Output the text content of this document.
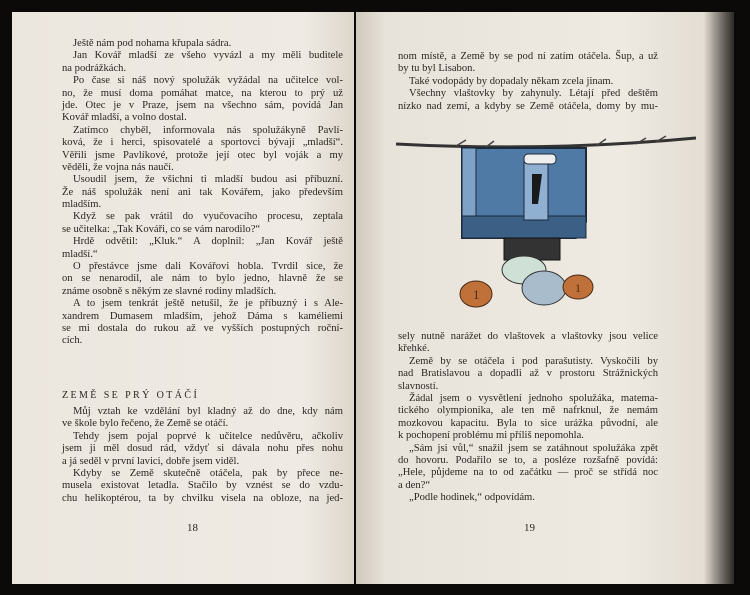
Ještě nám pod nohama křupala sádra.
Jan Kovář mladší ze všeho vyvázl a my měli buditele
na podrážkách.
Po čase si náš nový spolužák vyžádal na učitelce vol-
no, že musí doma pomáhat matce, na kterou to prý už
jde. Otec je v Praze, jsem na všechno sám, povídá Jan
Kovář mladší, a volno dostal.
Zatímco chyběl, informovala nás spolužákyně Pavlí-
ková, že i herci, spisovatelé a sportovci bývají „mladší“.
Věřili jsme Pavlíkové, protože její otec byl voják a my
věděli, že vojna nás naučí.
Usoudil jsem, že všichni ti mladší budou asi příbuzní.
Že náš spolužák není ani tak Kovářem, jako především
mladším.
Když se pak vrátil do vyučovacího procesu, zeptala
se učitelka: „Tak Kováři, co se vám narodilo?“
Hrdě odvětil: „Kluk.“ A doplnil: „Jan Kovář ještě
mladší.“
O přestávce jsme dali Kovářovi hobla. Tvrdil sice, že
on se nenarodil, ale nám to bylo jedno, hlavně že se
známe osobně s někým ze slavné rodiny mladších.
A to jsem tenkrát ještě netušil, že je příbuzný i s Ale-
xandrem Dumasem mladším, jehož Dáma s kaméliemi
se mi dostala do rukou až ve vyšších postupných roční-
cích.
ZEMĚ SE PRÝ OTÁČÍ
Můj vztah ke vzdělání byl kladný až do dne, kdy nám
ve škole bylo řečeno, že Země se otáčí.
Tehdy jsem pojal poprvé k učitelce nedůvěru, ačkoliv
jsem ji měl dosud rád, vždyť si dávala nohu přes nohu
a já seděl v první lavici, dobře jsem viděl.
Kdyby se Země skutečně otáčela, pak by přece ne-
musela existovat letadla. Stačilo by vznést se do vzdu-
chu helikoptérou, ta by chvilku visela na obloze, na jed-
18
nom místě, a Země by se pod ní zatím otáčela. Šup, a už
by tu byl Lisabon.
Také vodopády by dopadaly někam zcela jinam.
Všechny vlaštovky by zahynuly. Létají před deštěm
nízko nad zemí, a kdyby se Země otáčela, domy by mu-
1	1
sely nutně narážet do vlaštovek a vlaštovky jsou velice
křehké.
Země by se otáčela i pod parašutisty. Vyskočili by
nad Bratislavou a dopadli až v prostoru Strážnických
slavností.
Žádal jsem o vysvětlení jednoho spolužáka, matema-
tického olympionika, ale ten mě nafrknul, že nemám
mozkovou kapacitu. Byla to sice urážka původní, ale
k pochopení problému mi příliš nepomohla.
„Sám jsi vůl,“ snažil jsem se zatáhnout spolužáka zpět
do hovoru. Podařilo se to, a posléze rozšafně povídá:
„Hele, půjdeme na to od začátku — proč se střídá noc
a den?“
„Podle hodinek,“ odpovídám.
19
